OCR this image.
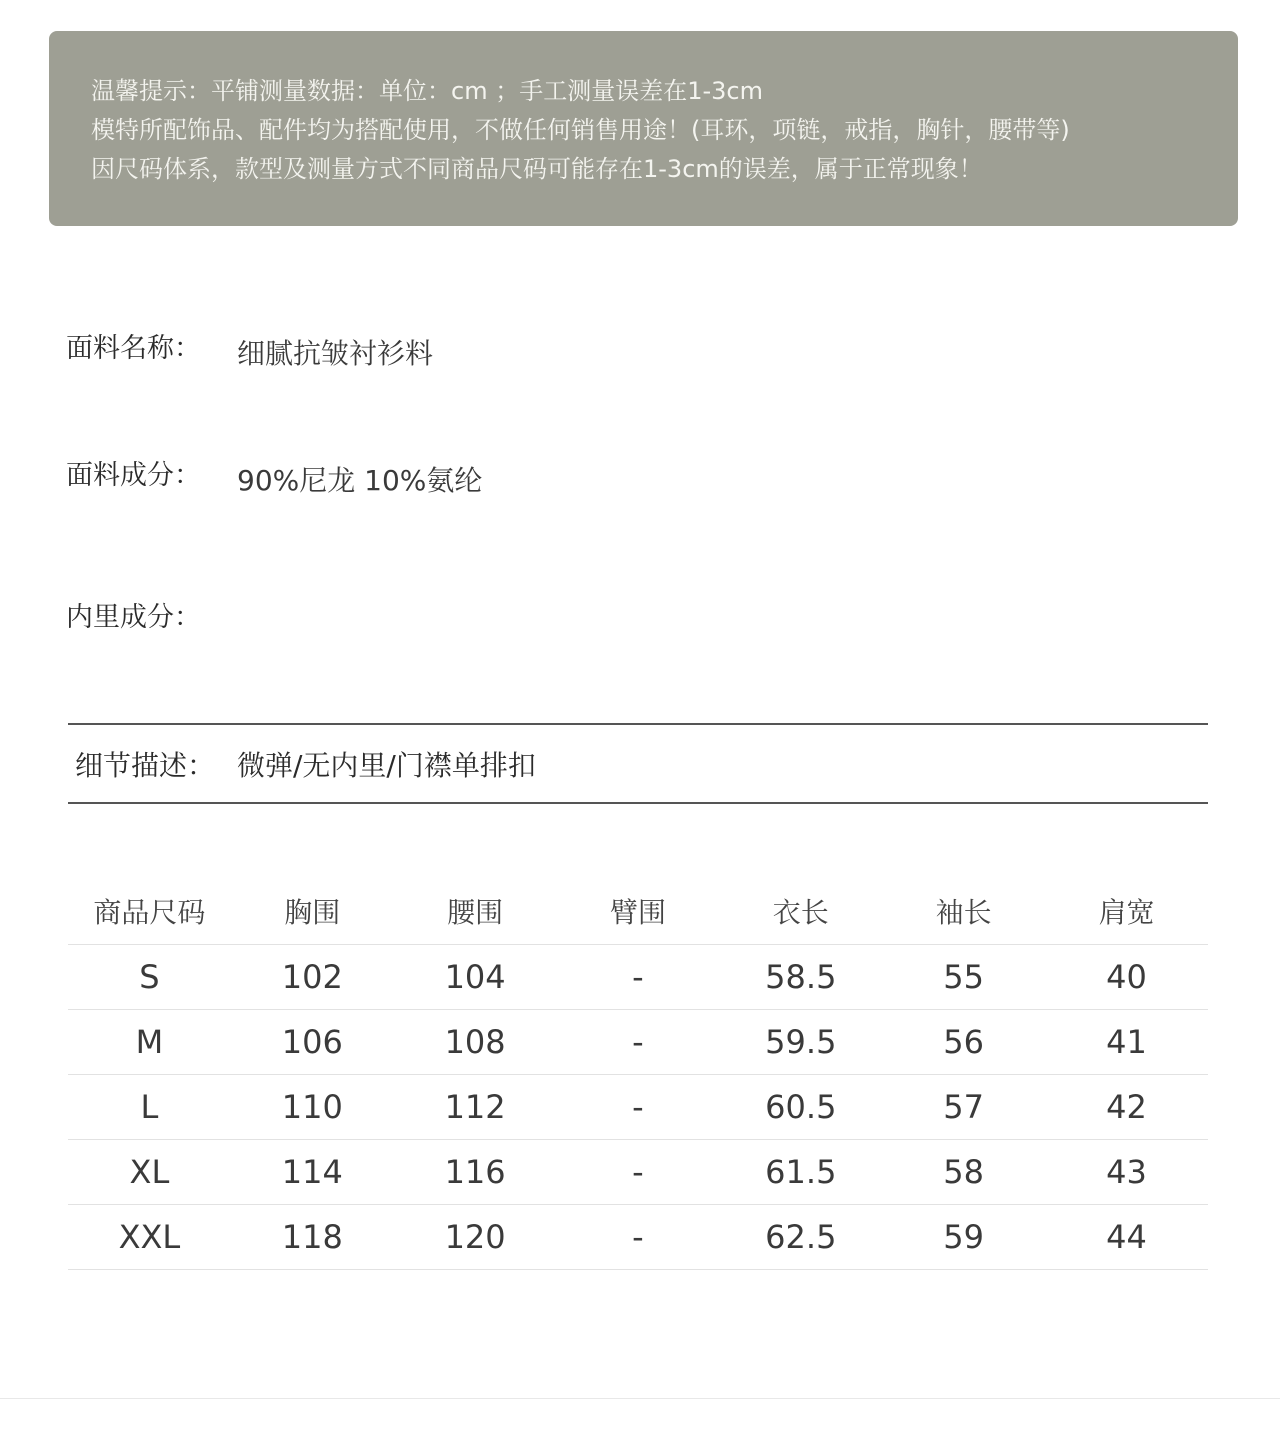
温馨提示：平铺测量数据：单位：cm ；手工测量误差在1-3cm
模特所配饰品、配件均为搭配使用，不做任何销售用途！(耳环，项链，戒指，胸针，腰带等)
因尺码体系，款型及测量方式不同商品尺码可能存在1-3cm的误差，属于正常现象！
面料名称： 细腻抗皱衬衫料
面料成分： 90%尼龙 10%氨纶
内里成分：
细节描述： 微弹/无内里/门襟单排扣
商品尺码	胸围	腰围	臂围	衣长	袖长	肩宽
S	102	104	-	58.5	55	40
M	106	108	-	59.5	56	41
L	110	112	-	60.5	57	42
XL	114	116	-	61.5	58	43
XXL	118	120	-	62.5	59	44
